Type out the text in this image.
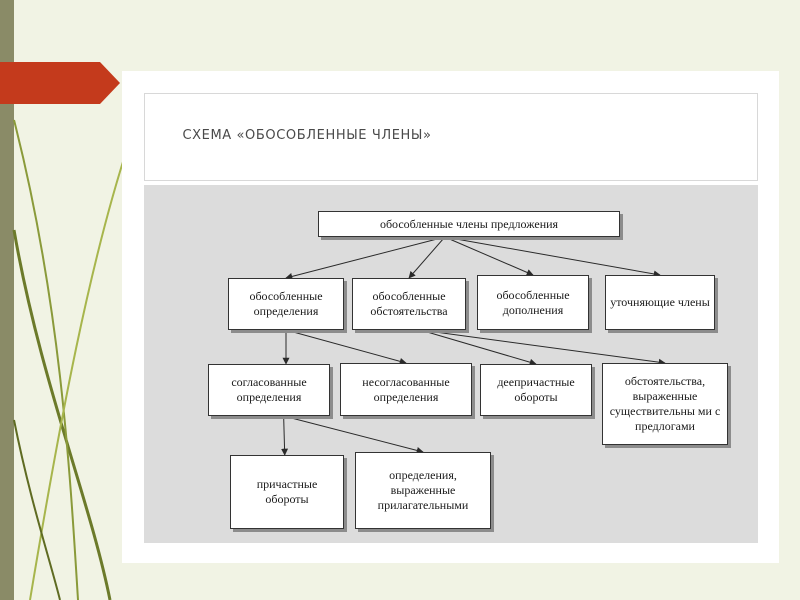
СХЕМА «ОБОСОБЛЕННЫЕ ЧЛЕНЫ»
обособленные члены предложения
обособленные определения
обособленные обстоятельства
обособленные дополнения
уточняющие члены
согласованные определения
несогласованные определения
деепричастные обороты
обстоятельства, выраженные существительны ми с предлогами
причастные обороты
определения, выраженные прилагательными
